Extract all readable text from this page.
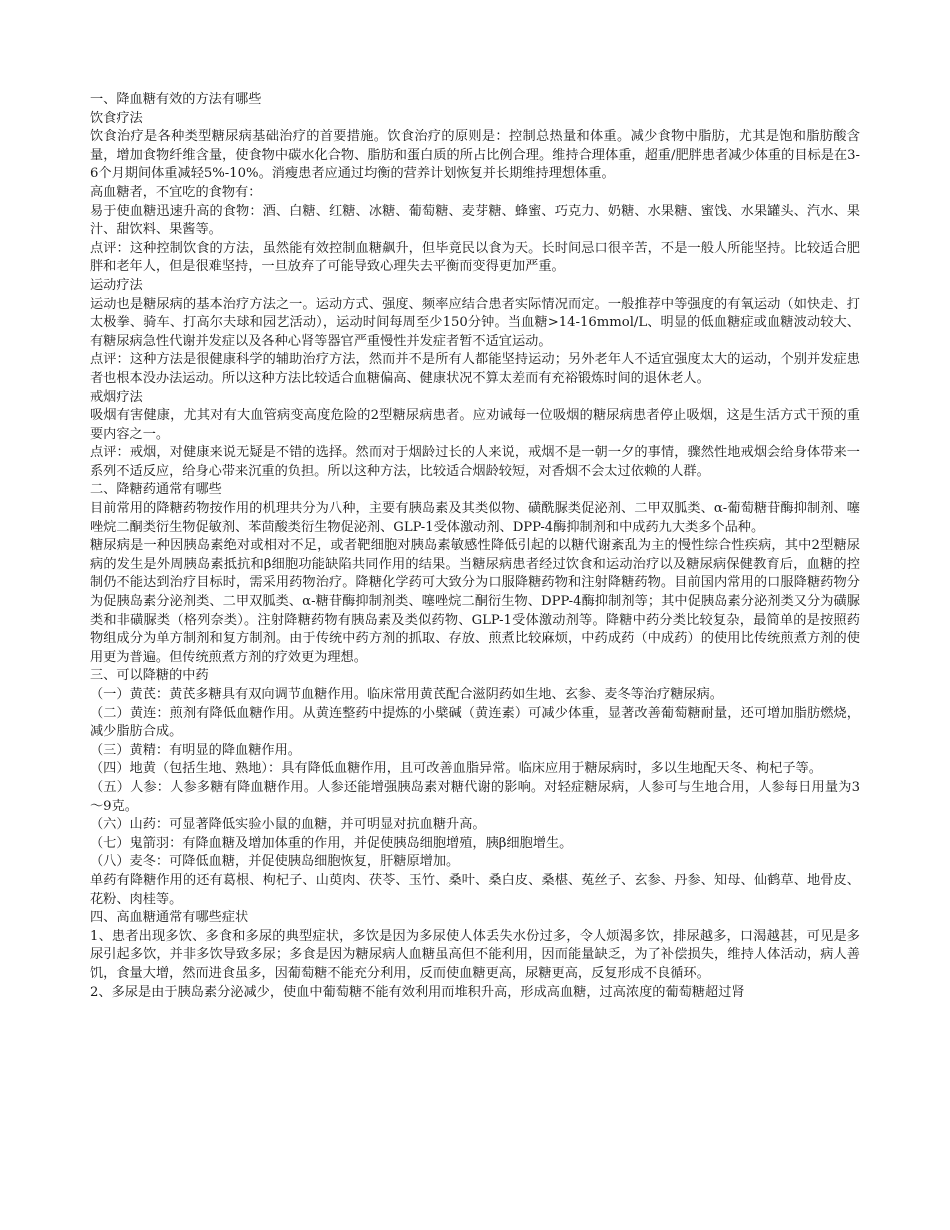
一、降血糖有效的方法有哪些

饮食疗法

饮食治疗是各种类型糖尿病基础治疗的首要措施。饮食治疗的原则是：控制总热量和体重。减少食物中脂肪，尤其是饱和脂肪酸含量，增加食物纤维含量，使食物中碳水化合物、脂肪和蛋白质的所占比例合理。维持合理体重，超重/肥胖患者减少体重的目标是在3-6个月期间体重减轻5%-10%。消瘦患者应通过均衡的营养计划恢复并长期维持理想体重。

高血糖者，不宜吃的食物有：

易于使血糖迅速升高的食物：酒、白糖、红糖、冰糖、葡萄糖、麦芽糖、蜂蜜、巧克力、奶糖、水果糖、蜜饯、水果罐头、汽水、果汁、甜饮料、果酱等。

点评：这种控制饮食的方法，虽然能有效控制血糖飙升，但毕竟民以食为天。长时间忌口很辛苦，不是一般人所能坚持。比较适合肥胖和老年人，但是很难坚持，一旦放弃了可能导致心理失去平衡而变得更加严重。

运动疗法

运动也是糖尿病的基本治疗方法之一。运动方式、强度、频率应结合患者实际情况而定。一般推荐中等强度的有氧运动（如快走、打太极拳、骑车、打高尔夫球和园艺活动），运动时间每周至少150分钟。当血糖>14-16mmol/L、明显的低血糖症或血糖波动较大、有糖尿病急性代谢并发症以及各种心肾等器官严重慢性并发症者暂不适宜运动。

点评：这种方法是很健康科学的辅助治疗方法，然而并不是所有人都能坚持运动；另外老年人不适宜强度太大的运动，个别并发症患者也根本没办法运动。所以这种方法比较适合血糖偏高、健康状况不算太差而有充裕锻炼时间的退休老人。

戒烟疗法

吸烟有害健康，尤其对有大血管病变高度危险的2型糖尿病患者。应劝诫每一位吸烟的糖尿病患者停止吸烟，这是生活方式干预的重要内容之一。

点评：戒烟，对健康来说无疑是不错的选择。然而对于烟龄过长的人来说，戒烟不是一朝一夕的事情，骤然性地戒烟会给身体带来一系列不适反应，给身心带来沉重的负担。所以这种方法，比较适合烟龄较短，对香烟不会太过依赖的人群。

二、降糖药通常有哪些

目前常用的降糖药物按作用的机理共分为八种，主要有胰岛素及其类似物、磺酰脲类促泌剂、二甲双胍类、α-葡萄糖苷酶抑制剂、噻唑烷二酮类衍生物促敏剂、苯茴酸类衍生物促泌剂、GLP-1受体激动剂、DPP-4酶抑制剂和中成药九大类多个品种。

糖尿病是一种因胰岛素绝对或相对不足，或者靶细胞对胰岛素敏感性降低引起的以糖代谢紊乱为主的慢性综合性疾病，其中2型糖尿病的发生是外周胰岛素抵抗和β细胞功能缺陷共同作用的结果。当糖尿病患者经过饮食和运动治疗以及糖尿病保健教育后，血糖的控制仍不能达到治疗目标时，需采用药物治疗。降糖化学药可大致分为口服降糖药物和注射降糖药物。目前国内常用的口服降糖药物分为促胰岛素分泌剂类、二甲双胍类、α-糖苷酶抑制剂类、噻唑烷二酮衍生物、DPP-4酶抑制剂等；其中促胰岛素分泌剂类又分为磺脲类和非磺脲类（格列奈类）。注射降糖药物有胰岛素及类似药物、GLP-1受体激动剂等。降糖中药分类比较复杂，最简单的是按照药物组成分为单方制剂和复方制剂。由于传统中药方剂的抓取、存放、煎煮比较麻烦，中药成药（中成药）的使用比传统煎煮方剂的使用更为普遍。但传统煎煮方剂的疗效更为理想。

三、可以降糖的中药

（一）黄芪：黄芪多糖具有双向调节血糖作用。临床常用黄芪配合滋阴药如生地、玄参、麦冬等治疗糖尿病。

（二）黄连：煎剂有降低血糖作用。从黄连整药中提炼的小檗碱（黄连素）可减少体重，显著改善葡萄糖耐量，还可增加脂肪燃烧，减少脂肪合成。

（三）黄精：有明显的降血糖作用。

（四）地黄（包括生地、熟地）：具有降低血糖作用，且可改善血脂异常。临床应用于糖尿病时，多以生地配天冬、枸杞子等。

（五）人参：人参多糖有降血糖作用。人参还能增强胰岛素对糖代谢的影响。对轻症糖尿病，人参可与生地合用，人参每日用量为3～9克。

（六）山药：可显著降低实验小鼠的血糖，并可明显对抗血糖升高。

（七）鬼箭羽：有降血糖及增加体重的作用，并促使胰岛细胞增殖，胰β细胞增生。

（八）麦冬：可降低血糖，并促使胰岛细胞恢复，肝糖原增加。

单药有降糖作用的还有葛根、枸杞子、山萸肉、茯苓、玉竹、桑叶、桑白皮、桑椹、菟丝子、玄参、丹参、知母、仙鹤草、地骨皮、花粉、肉桂等。

四、高血糖通常有哪些症状

1、患者出现多饮、多食和多尿的典型症状，多饮是因为多尿使人体丢失水份过多，令人烦渴多饮，排尿越多，口渴越甚，可见是多尿引起多饮，并非多饮导致多尿；多食是因为糖尿病人血糖虽高但不能利用，因而能量缺乏，为了补偿损失，维持人体活动，病人善饥，食量大增，然而进食虽多，因葡萄糖不能充分利用，反而使血糖更高，尿糖更高，反复形成不良循环。

2、多尿是由于胰岛素分泌减少，使血中葡萄糖不能有效利用而堆积升高，形成高血糖，过高浓度的葡萄糖超过肾
